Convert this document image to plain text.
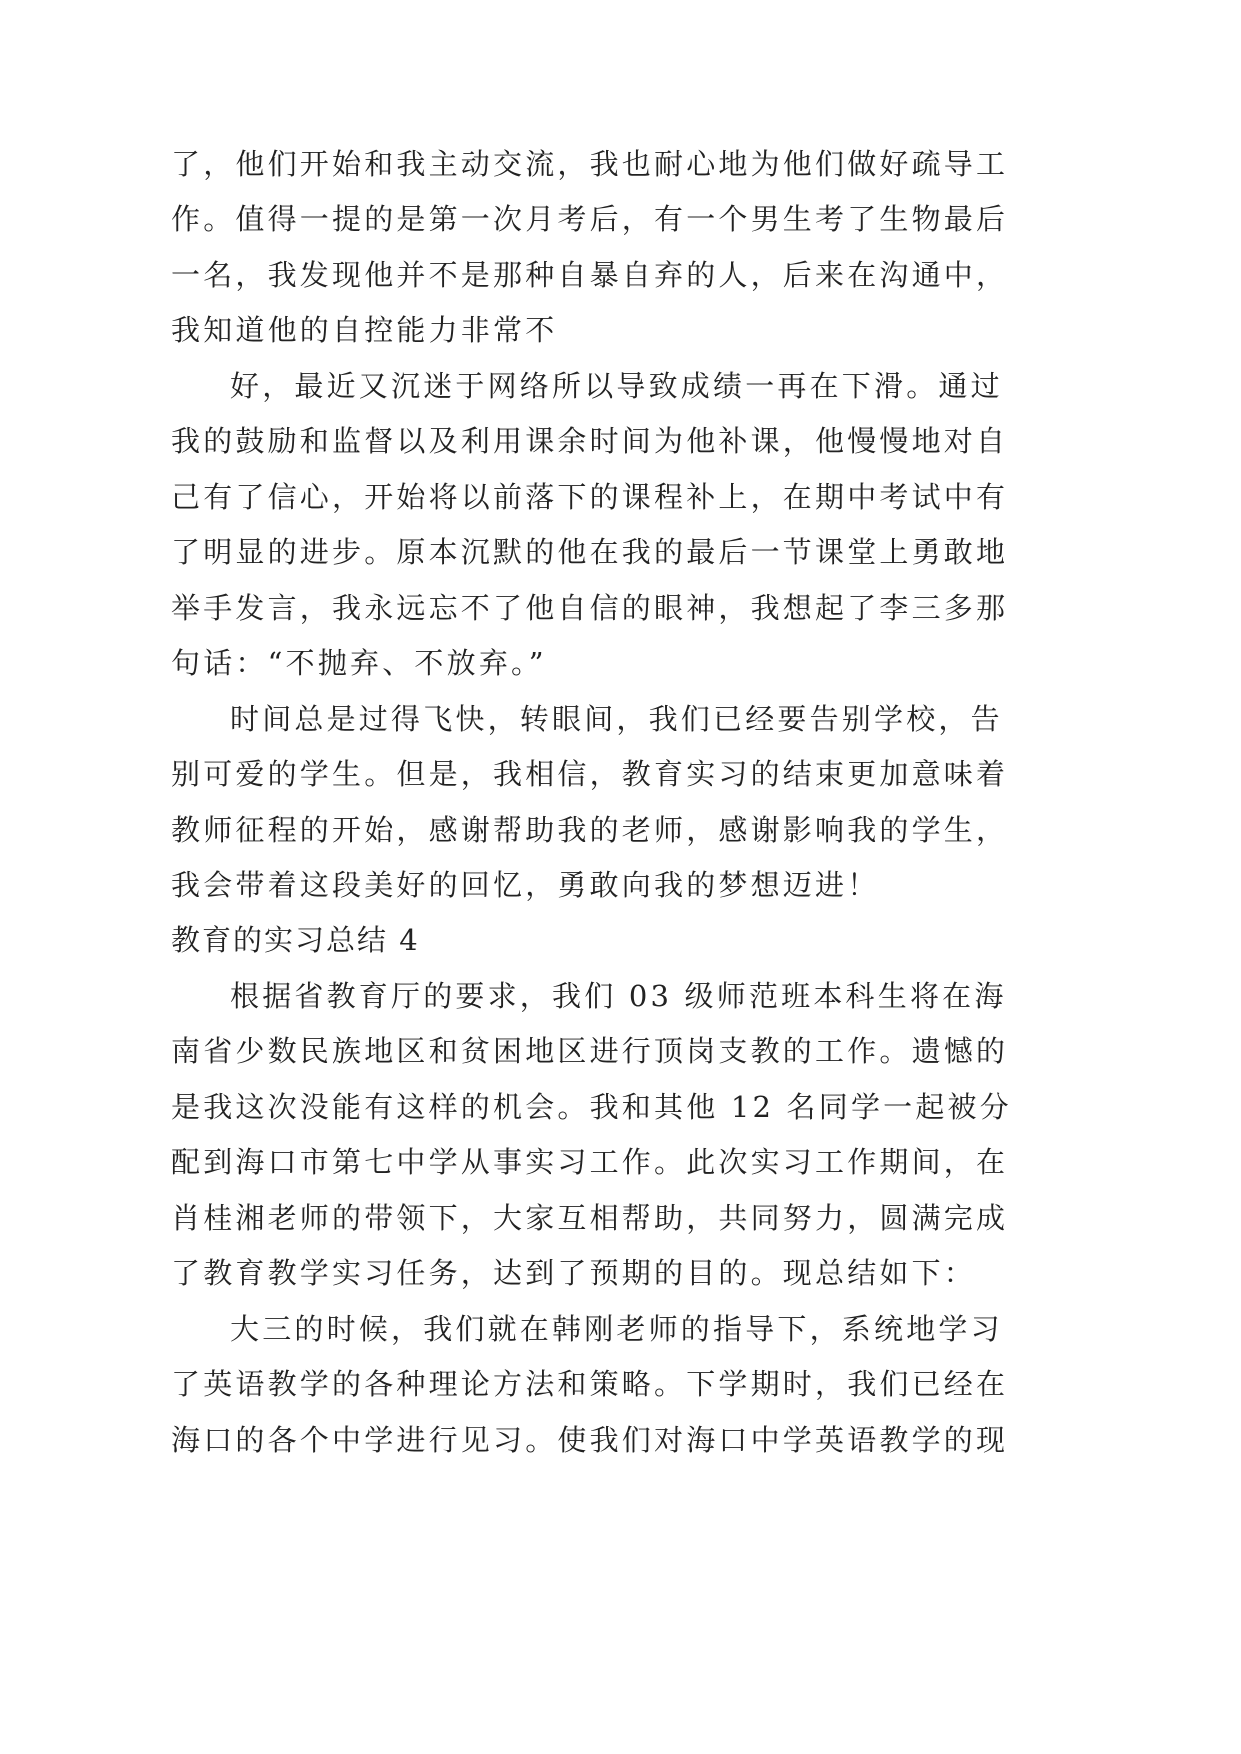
了，他们开始和我主动交流，我也耐心地为他们做好疏导工
作。值得一提的是第一次月考后，有一个男生考了生物最后
一名，我发现他并不是那种自暴自弃的人，后来在沟通中，
我知道他的自控能力非常不
好，最近又沉迷于网络所以导致成绩一再在下滑。通过
我的鼓励和监督以及利用课余时间为他补课，他慢慢地对自
己有了信心，开始将以前落下的课程补上，在期中考试中有
了明显的进步。原本沉默的他在我的最后一节课堂上勇敢地
举手发言，我永远忘不了他自信的眼神，我想起了李三多那
句话：“不抛弃、不放弃。”
时间总是过得飞快，转眼间，我们已经要告别学校，告
别可爱的学生。但是，我相信，教育实习的结束更加意味着
教师征程的开始，感谢帮助我的老师，感谢影响我的学生，
我会带着这段美好的回忆，勇敢向我的梦想迈进！
教育的实习总结 4
根据省教育厅的要求，我们 03 级师范班本科生将在海
南省少数民族地区和贫困地区进行顶岗支教的工作。遗憾的
是我这次没能有这样的机会。我和其他 12 名同学一起被分
配到海口市第七中学从事实习工作。此次实习工作期间，在
肖桂湘老师的带领下，大家互相帮助，共同努力，圆满完成
了教育教学实习任务，达到了预期的目的。现总结如下：
大三的时候，我们就在韩刚老师的指导下，系统地学习
了英语教学的各种理论方法和策略。下学期时，我们已经在
海口的各个中学进行见习。使我们对海口中学英语教学的现
